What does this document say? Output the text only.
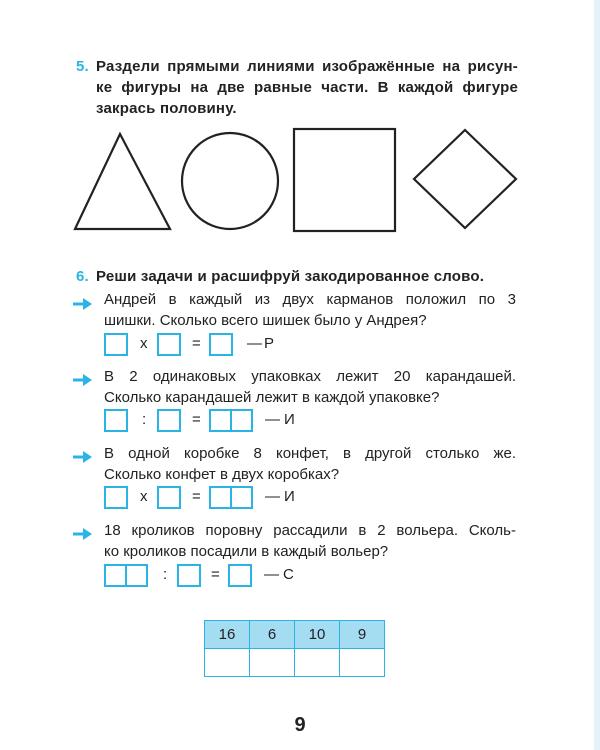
5. Раздели прямыми линиями изображённые на рисун-
ке фигуры на две равные части. В каждой фигуре
закрась половину.
6. Реши задачи и расшифруй закодированное слово.
Андрей в каждый из двух карманов положил по 3
шишки. Сколько всего шишек было у Андрея?
х	=	— Р
В 2 одинаковых упаковках лежит 20 карандашей.
Сколько карандашей лежит в каждой упаковке?
:	=	— И
В одной коробке 8 конфет, в другой столько же.
Сколько конфет в двух коробках?
х	=	— И
18 кроликов поровну рассадили в 2 вольера. Сколь-
ко кроликов посадили в каждый вольер?
:	=	— С
16	6	10	9

9
